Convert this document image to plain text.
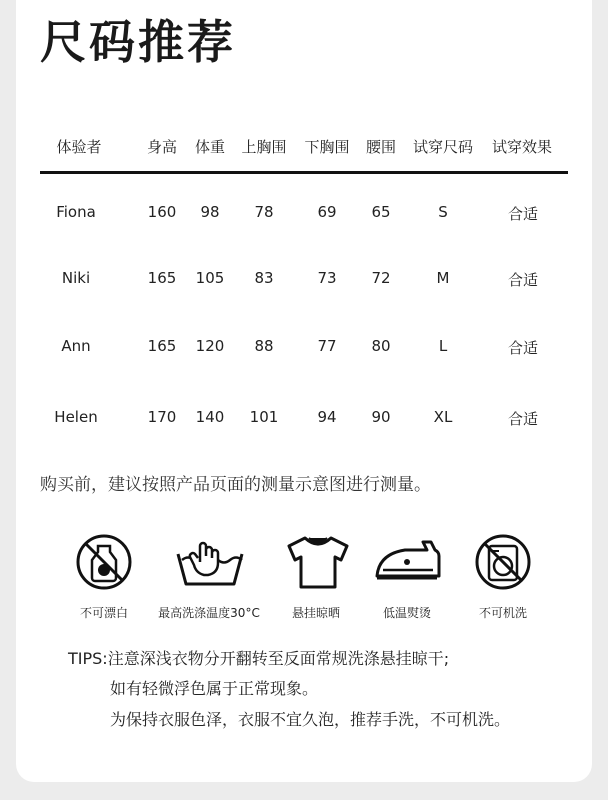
尺码推荐
体验者	身高 体重 上胸围 下胸围 腰围 试穿尺码 试穿效果
Fiona	160 98 78	69 65	S	合适
Niki	165 105 83	73 72	M	合适
Ann	165 120 88	77 80	L	合适
Helen	170 140 101	94 90	XL	合适
购买前，建议按照产品页面的测量示意图进行测量。
不可漂白	最高洗涤温度30°C	悬挂晾晒	低温熨烫	不可机洗
TIPS:注意深浅衣物分开翻转至反面常规洗涤悬挂晾干;
如有轻微浮色属于正常现象。
为保持衣服色泽，衣服不宜久泡，推荐手洗，不可机洗。
